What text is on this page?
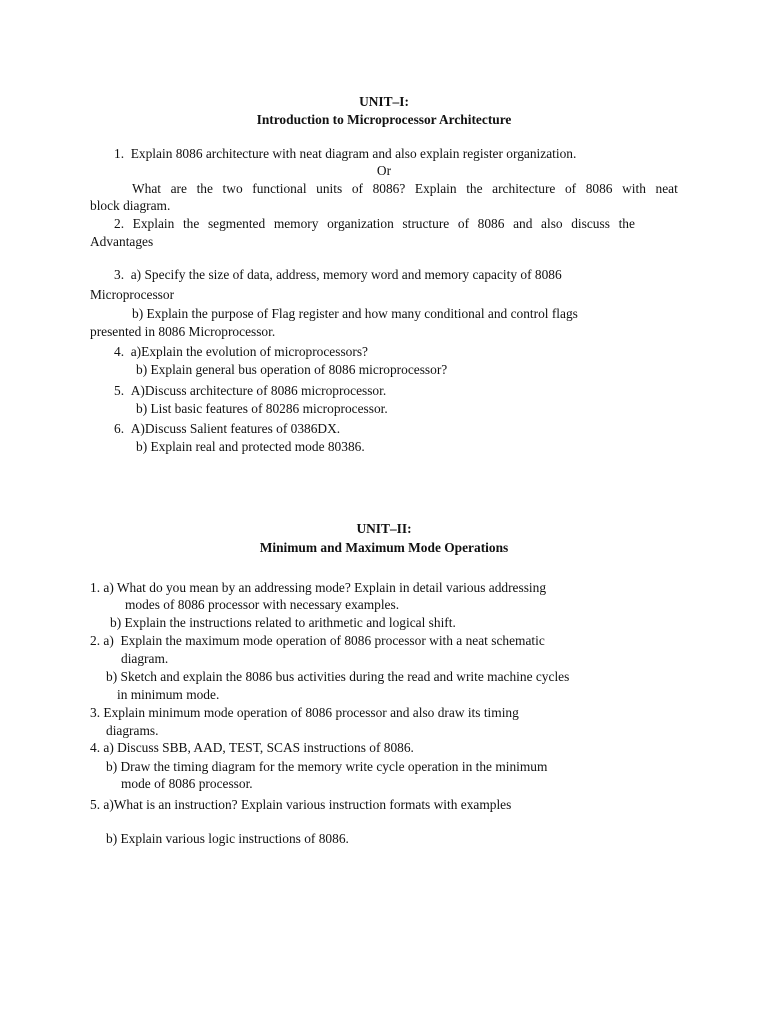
UNIT–I:
Introduction to Microprocessor Architecture
1.  Explain 8086 architecture with neat diagram and also explain register organization.
Or
What are the two functional units of 8086? Explain the architecture of 8086 with neat
block diagram.
2. Explain the segmented memory organization structure of 8086 and also discuss the
Advantages
3.  a) Specify the size of data, address, memory word and memory capacity of 8086
Microprocessor
b) Explain the purpose of Flag register and how many conditional and control flags
presented in 8086 Microprocessor.
4.  a)Explain the evolution of microprocessors?
b) Explain general bus operation of 8086 microprocessor?
5.  A)Discuss architecture of 8086 microprocessor.
b) List basic features of 80286 microprocessor.
6.  A)Discuss Salient features of 0386DX.
b) Explain real and protected mode 80386.
UNIT–II:
Minimum and Maximum Mode Operations
1. a) What do you mean by an addressing mode? Explain in detail various addressing
modes of 8086 processor with necessary examples.
b) Explain the instructions related to arithmetic and logical shift.
2. a)  Explain the maximum mode operation of 8086 processor with a neat schematic
diagram.
b) Sketch and explain the 8086 bus activities during the read and write machine cycles
in minimum mode.
3. Explain minimum mode operation of 8086 processor and also draw its timing
diagrams.
4. a) Discuss SBB, AAD, TEST, SCAS instructions of 8086.
b) Draw the timing diagram for the memory write cycle operation in the minimum
mode of 8086 processor.
5. a)What is an instruction? Explain various instruction formats with examples
b) Explain various logic instructions of 8086.
